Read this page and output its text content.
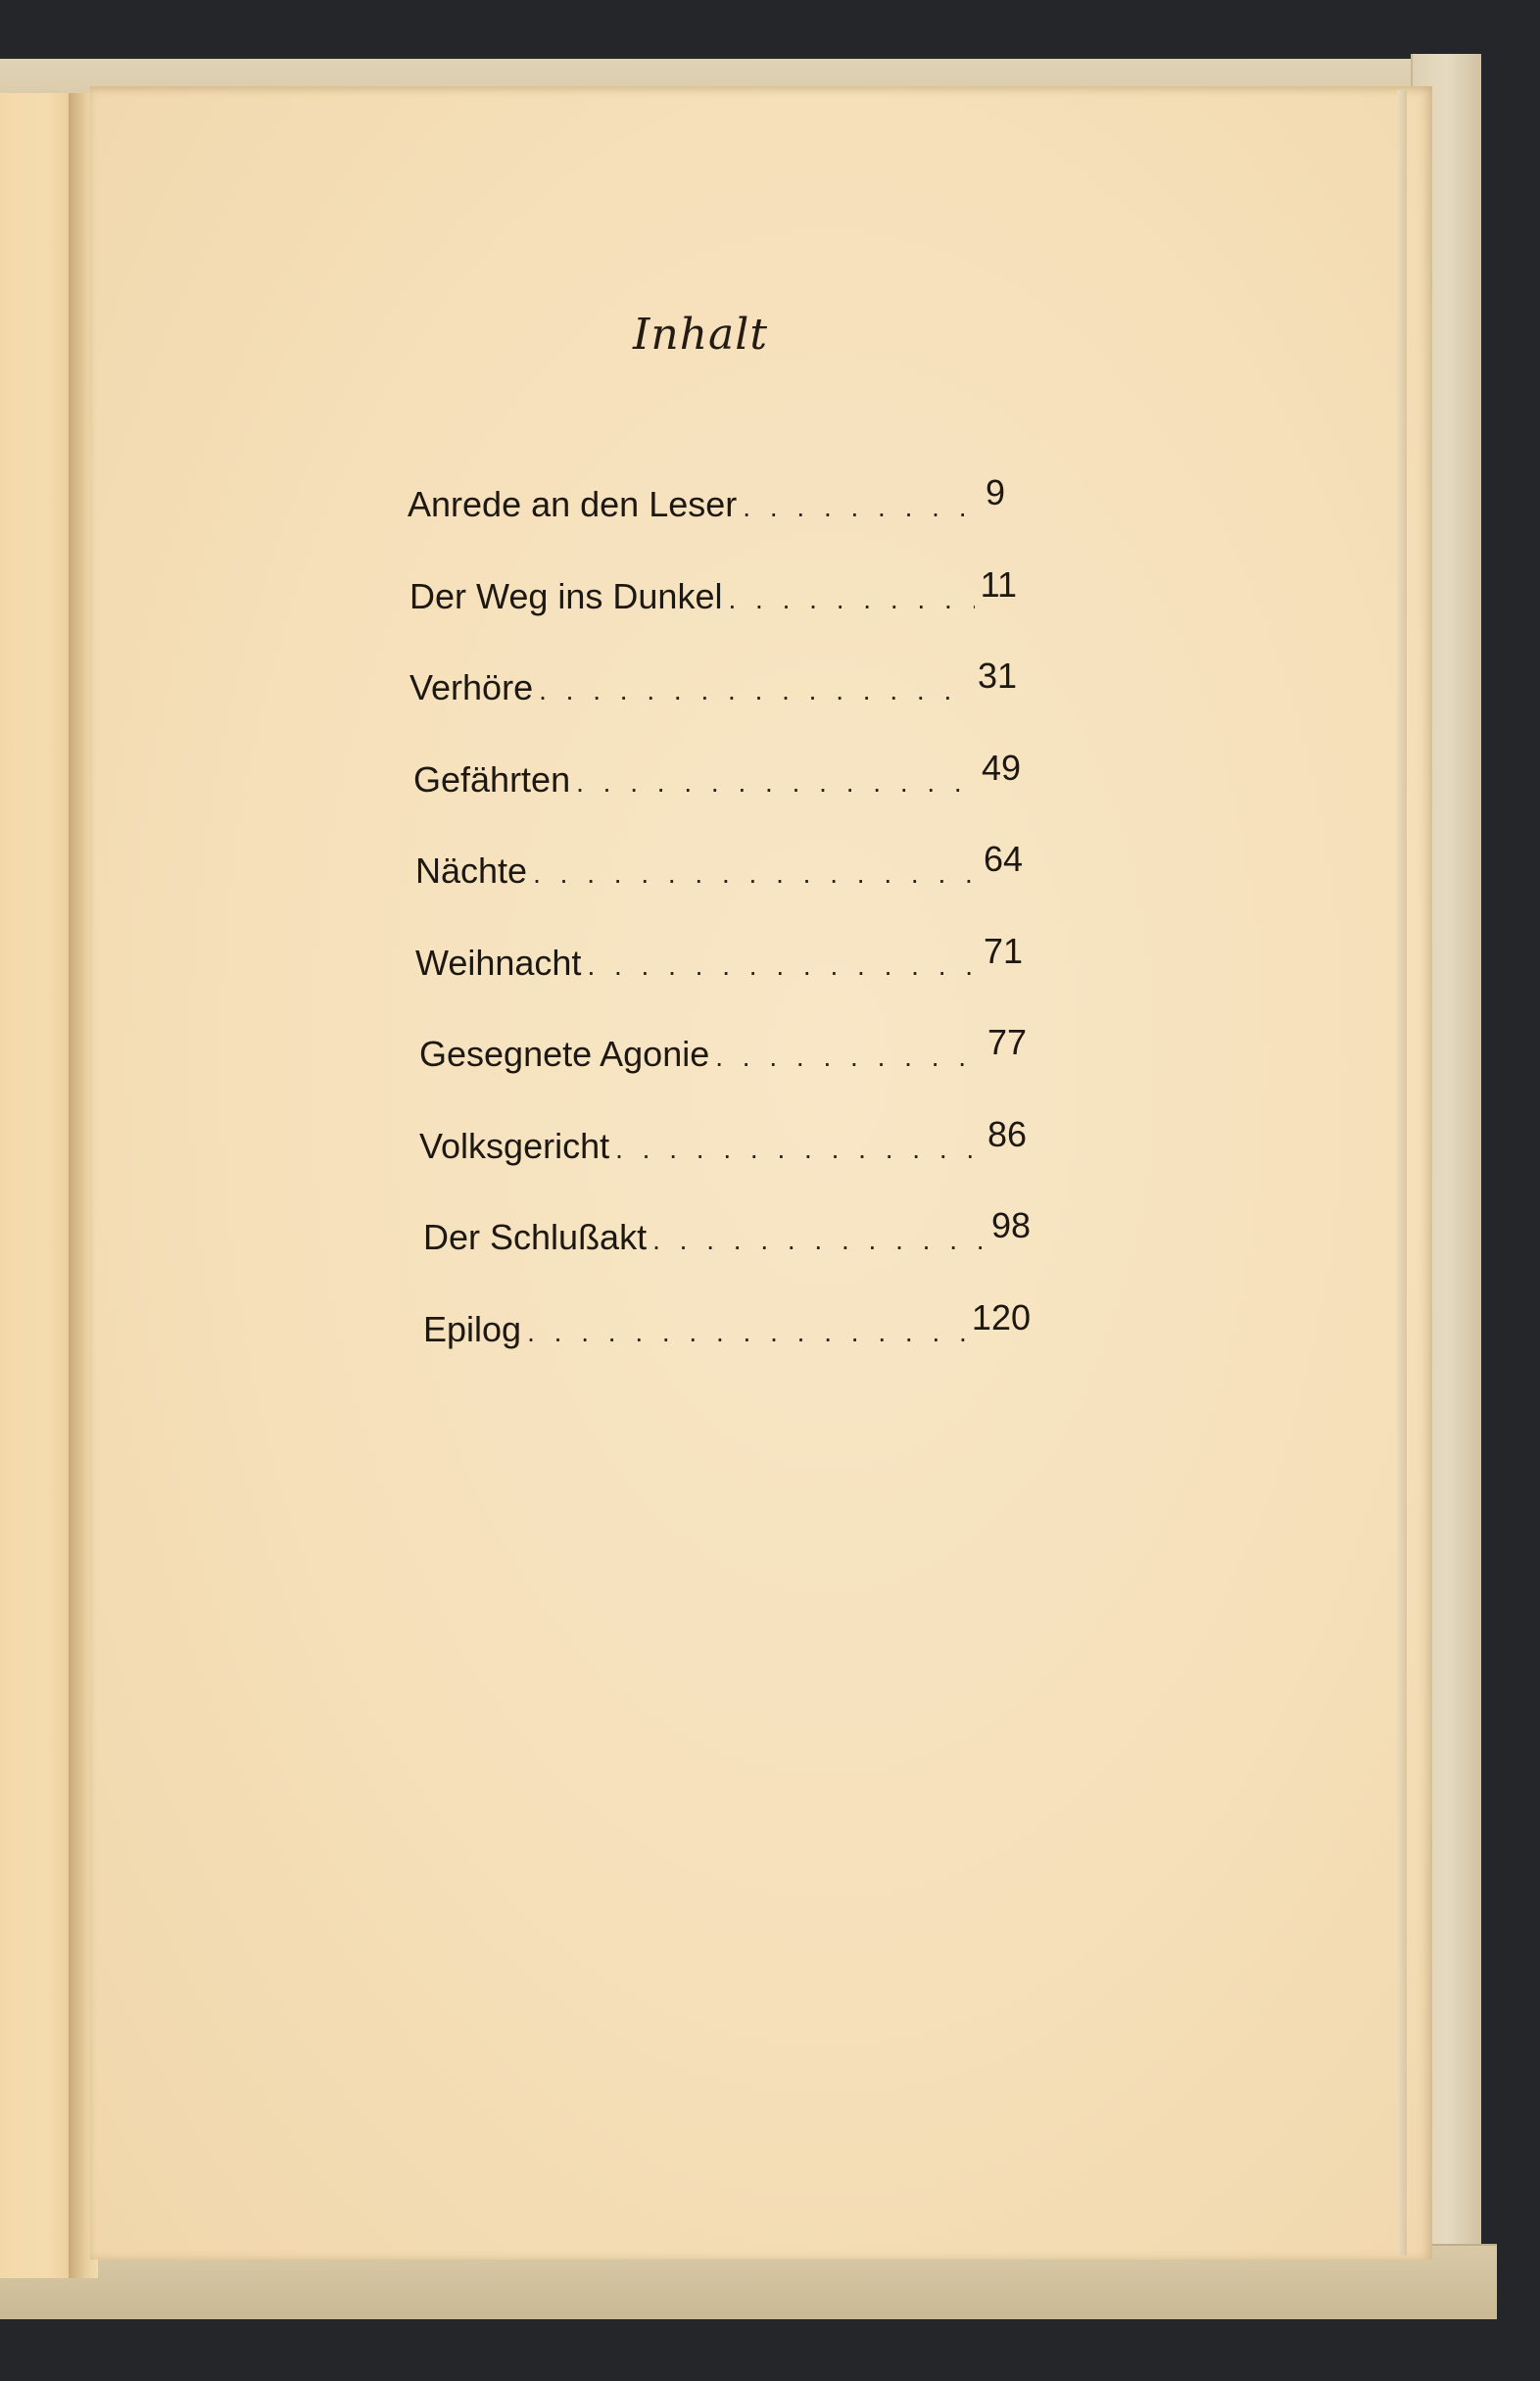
Inhalt
Anrede an den Leser . . .	9
Der Weg ins Dunkel . . .	11
Verhöre . . .	31
Gefährten . . .	49
Nächte . . .	64
Weihnacht . . .	71
Gesegnete Agonie . . .	77
Volksgericht . . .	86
Der Schlußakt . . .	98
Epilog . . .	120
